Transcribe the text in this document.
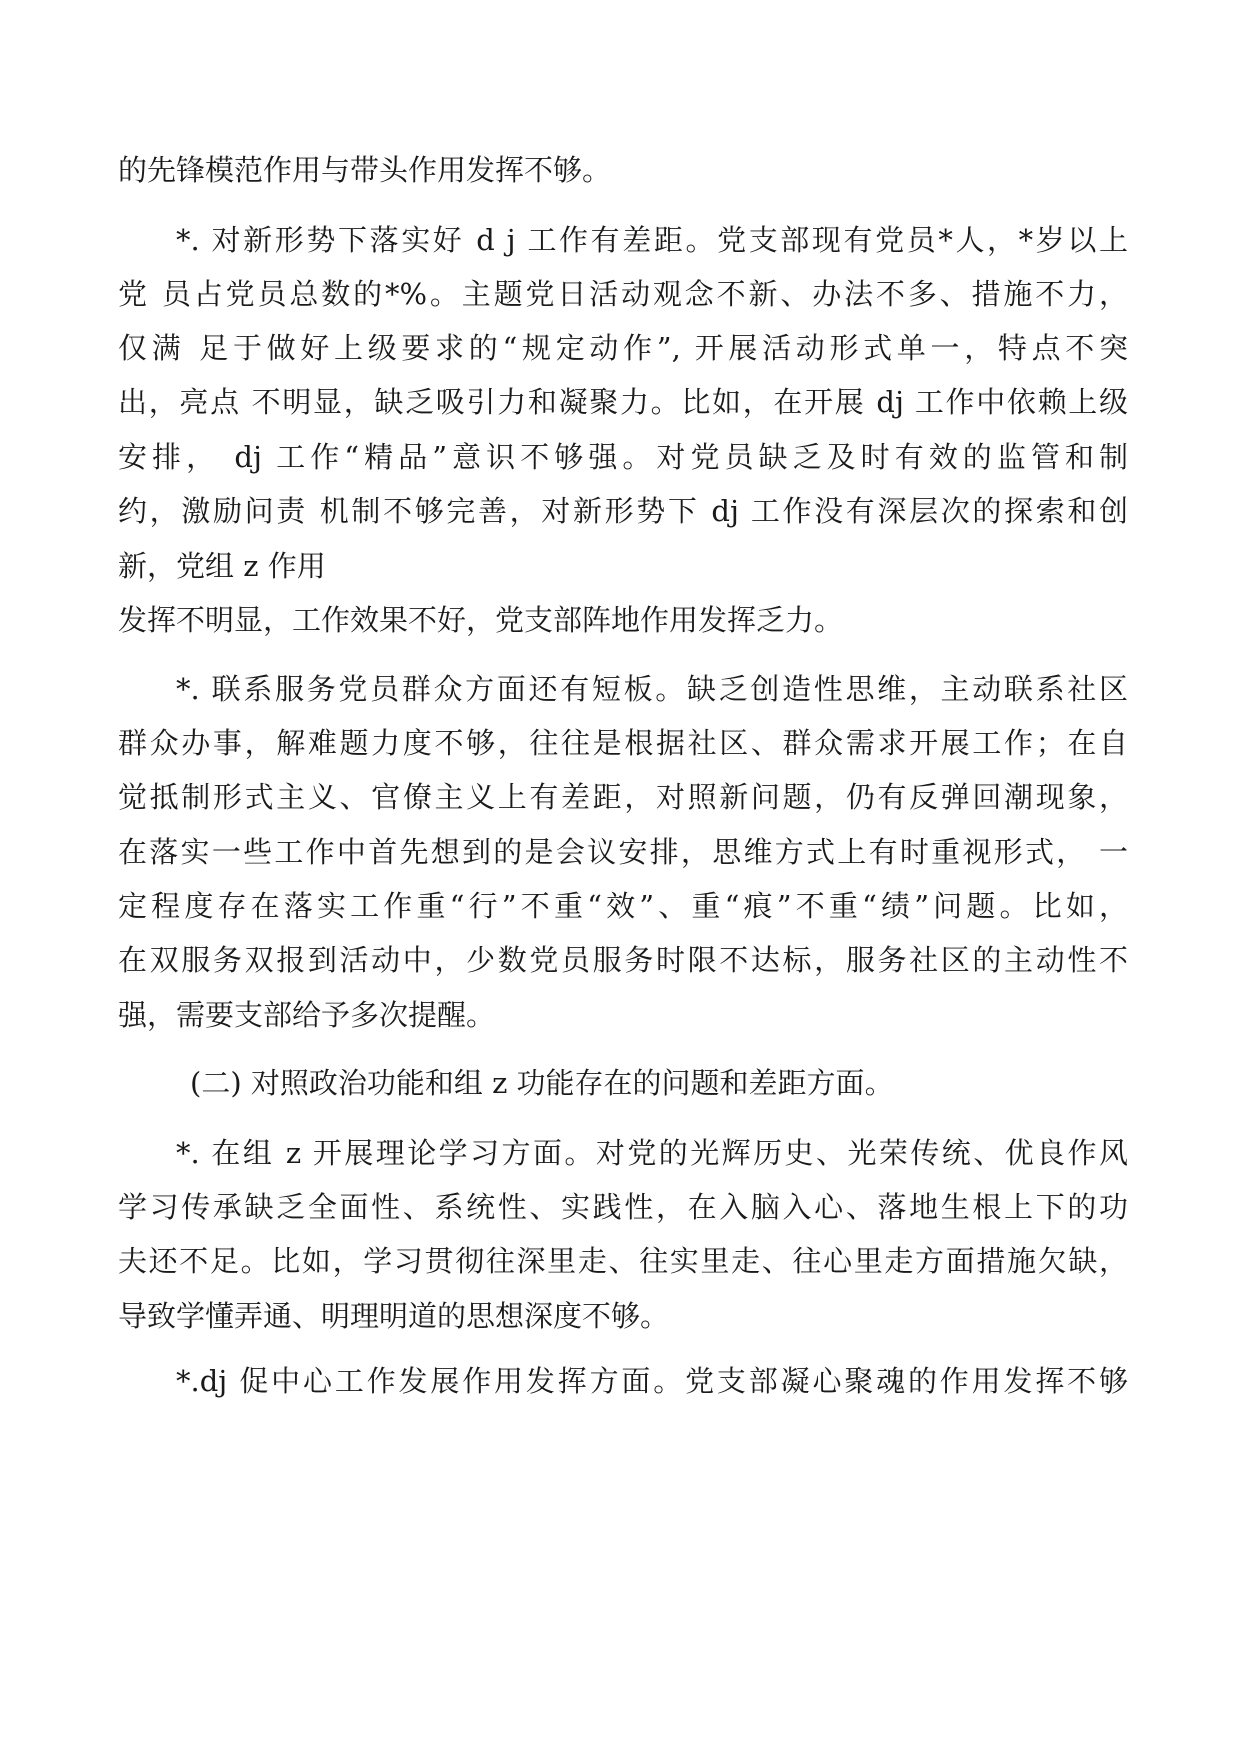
的先锋模范作用与带头作用发挥不够。
*. 对新形势下落实好 d j 工作有差距。党支部现有党员*人，*岁以上
党 员占党员总数的*%。主题党日活动观念不新、办法不多、措施不力，
仅满 足于做好上级要求的“规定动作”, 开展活动形式单一，特点不突
出，亮点 不明显，缺乏吸引力和凝聚力。比如，在开展 dj 工作中依赖上级
安排， dj 工作“精品”意识不够强。对党员缺乏及时有效的监管和制
约，激励问责 机制不够完善，对新形势下 dj 工作没有深层次的探索和创
新，党组 z 作用
发挥不明显，工作效果不好，党支部阵地作用发挥乏力。
*. 联系服务党员群众方面还有短板。缺乏创造性思维，主动联系社区
群众办事，解难题力度不够，往往是根据社区、群众需求开展工作；在自
觉抵制形式主义、官僚主义上有差距，对照新问题，仍有反弹回潮现象，
在落实一些工作中首先想到的是会议安排，思维方式上有时重视形式， 一
定程度存在落实工作重“行”不重“效”、重“痕”不重“绩”问题。比如，
在双服务双报到活动中，少数党员服务时限不达标，服务社区的主动性不
强，需要支部给予多次提醒。
(二) 对照政治功能和组 z 功能存在的问题和差距方面。
*. 在组 z 开展理论学习方面。对党的光辉历史、光荣传统、优良作风
学习传承缺乏全面性、系统性、实践性，在入脑入心、落地生根上下的功
夫还不足。比如，学习贯彻往深里走、往实里走、往心里走方面措施欠缺，
导致学懂弄通、明理明道的思想深度不够。
*.dj 促中心工作发展作用发挥方面。党支部凝心聚魂的作用发挥不够
